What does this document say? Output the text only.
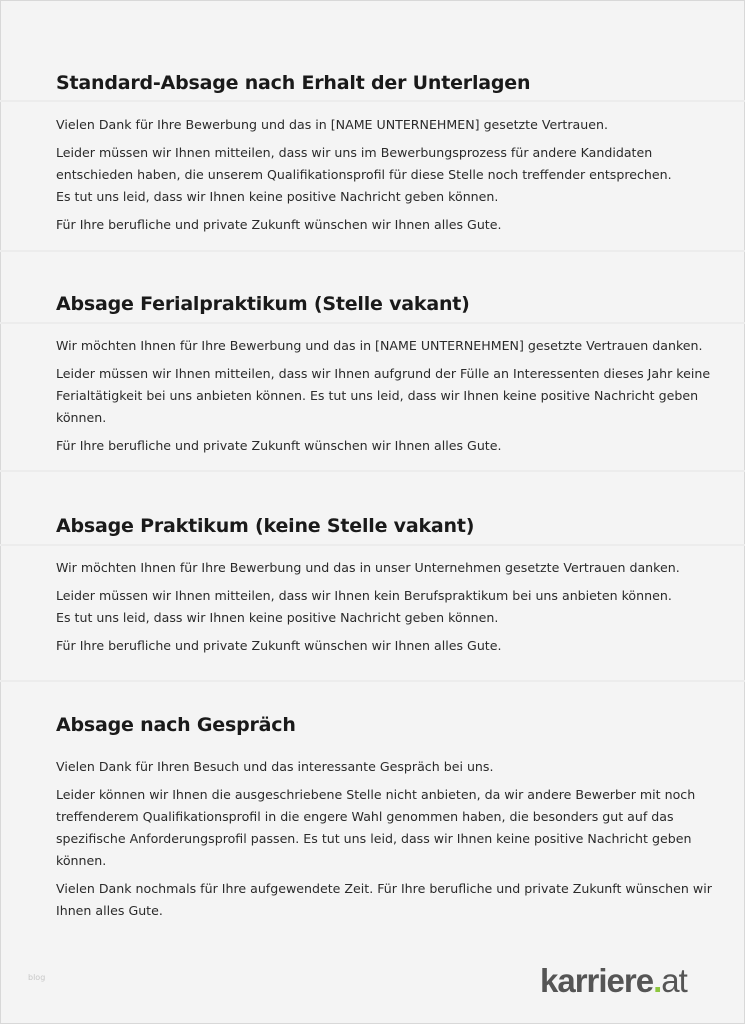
Standard-Absage nach Erhalt der Unterlagen
Vielen Dank für Ihre Bewerbung und das in [NAME UNTERNEHMEN] gesetzte Vertrauen.
Leider müssen wir Ihnen mitteilen, dass wir uns im Bewerbungsprozess für andere Kandidaten
entschieden haben, die unserem Qualifikationsprofil für diese Stelle noch treffender entsprechen.
Es tut uns leid, dass wir Ihnen keine positive Nachricht geben können.
Für Ihre berufliche und private Zukunft wünschen wir Ihnen alles Gute.
Absage Ferialpraktikum (Stelle vakant)
Wir möchten Ihnen für Ihre Bewerbung und das in [NAME UNTERNEHMEN] gesetzte Vertrauen danken.
Leider müssen wir Ihnen mitteilen, dass wir Ihnen aufgrund der Fülle an Interessenten dieses Jahr keine
Ferialtätigkeit bei uns anbieten können. Es tut uns leid, dass wir Ihnen keine positive Nachricht geben
können.
Für Ihre berufliche und private Zukunft wünschen wir Ihnen alles Gute.
Absage Praktikum (keine Stelle vakant)
Wir möchten Ihnen für Ihre Bewerbung und das in unser Unternehmen gesetzte Vertrauen danken.
Leider müssen wir Ihnen mitteilen, dass wir Ihnen kein Berufspraktikum bei uns anbieten können.
Es tut uns leid, dass wir Ihnen keine positive Nachricht geben können.
Für Ihre berufliche und private Zukunft wünschen wir Ihnen alles Gute.
Absage nach Gespräch
Vielen Dank für Ihren Besuch und das interessante Gespräch bei uns.
Leider können wir Ihnen die ausgeschriebene Stelle nicht anbieten, da wir andere Bewerber mit noch
treffenderem Qualifikationsprofil in die engere Wahl genommen haben, die besonders gut auf das
spezifische Anforderungsprofil passen. Es tut uns leid, dass wir Ihnen keine positive Nachricht geben
können.
Vielen Dank nochmals für Ihre aufgewendete Zeit. Für Ihre berufliche und private Zukunft wünschen wir
Ihnen alles Gute.
blog	karriere.at
